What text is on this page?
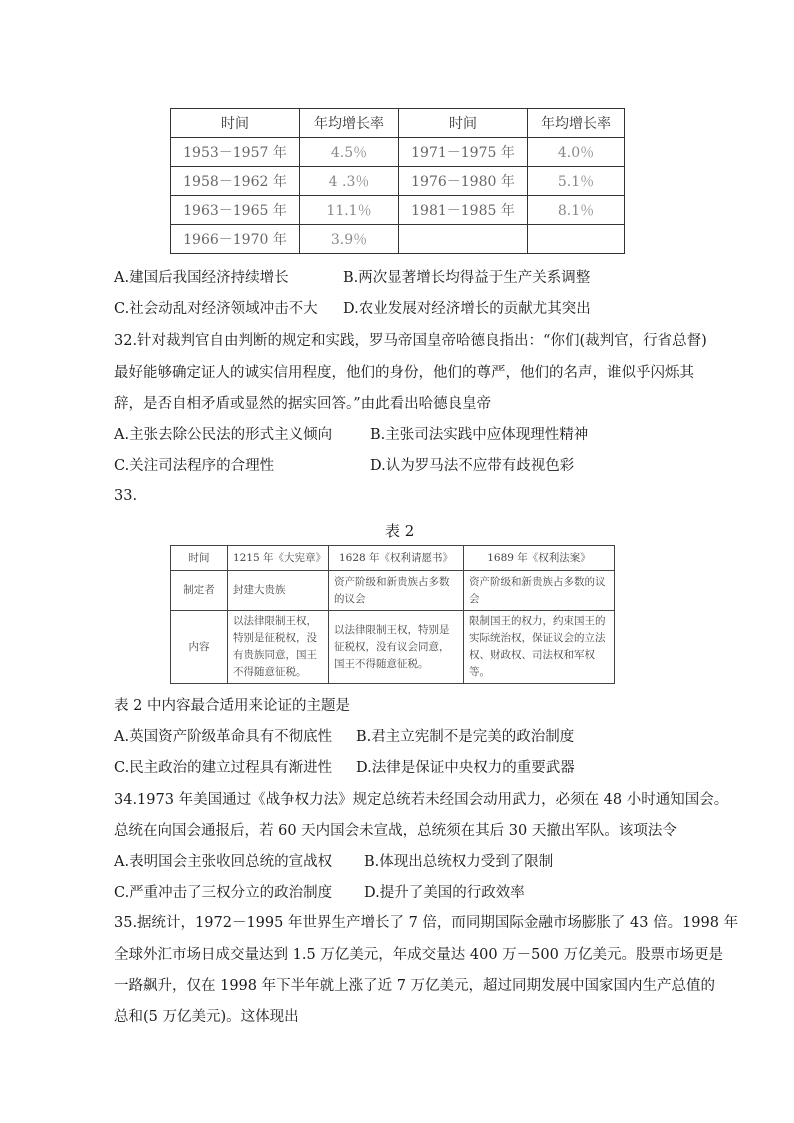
时间	年均增长率	时间	年均增长率
1953－1957 年	4.5％	1971－1975 年	4.0％
1958－1962 年	4 .3％	1976－1980 年	5.1％
1963－1965 年	11.1％	1981－1985 年	8.1％
1966－1970 年	3.9％		
A.建国后我国经济持续增长	B.两次显著增长均得益于生产关系调整
C.社会动乱对经济领域冲击不大 D.农业发展对经济增长的贡献尤其突出
32.针对裁判官自由判断的规定和实践，罗马帝国皇帝哈德良指出：“你们(裁判官，行省总督)
最好能够确定证人的诚实信用程度，他们的身份，他们的尊严，他们的名声，谁似乎闪烁其
辞，是否自相矛盾或显然的据实回答。”由此看出哈德良皇帝
A.主张去除公民法的形式主义倾向	B.主张司法实践中应体现理性精神
C.关注司法程序的合理性	D.认为罗马法不应带有歧视色彩
33.
表 2
时间	1215 年《大宪章》	1628 年《权利请愿书》	1689 年《权利法案》
制定者	封建大贵族	资产阶级和新贵族占多数的议会	资产阶级和新贵族占多数的议会
内容	以法律限制王权，特别是征税权，没有贵族同意，国王不得随意征税。	以法律限制王权，特别是征税权，没有议会同意，国王不得随意征税。	限制国王的权力，约束国王的实际统治权，保证议会的立法权、财政权、司法权和军权等。
表 2 中内容最合适用来论证的主题是
A.英国资产阶级革命具有不彻底性 B.君主立宪制不是完美的政治制度
C.民主政治的建立过程具有渐进性 D.法律是保证中央权力的重要武器
34.1973 年美国通过《战争权力法》规定总统若未经国会动用武力，必须在 48 小时通知国会。
总统在向国会通报后，若 60 天内国会未宣战，总统须在其后 30 天撤出军队。该项法令
A.表明国会主张收回总统的宣战权 B.体现出总统权力受到了限制
C.严重冲击了三权分立的政治制度 D.提升了美国的行政效率
35.据统计，1972－1995 年世界生产增长了 7 倍，而同期国际金融市场膨胀了 43 倍。1998 年
全球外汇市场日成交量达到 1.5 万亿美元，年成交量达 400 万－500 万亿美元。股票市场更是
一路飙升，仅在 1998 年下半年就上涨了近 7 万亿美元，超过同期发展中国家国内生产总值的
总和(5 万亿美元)。这体现出
